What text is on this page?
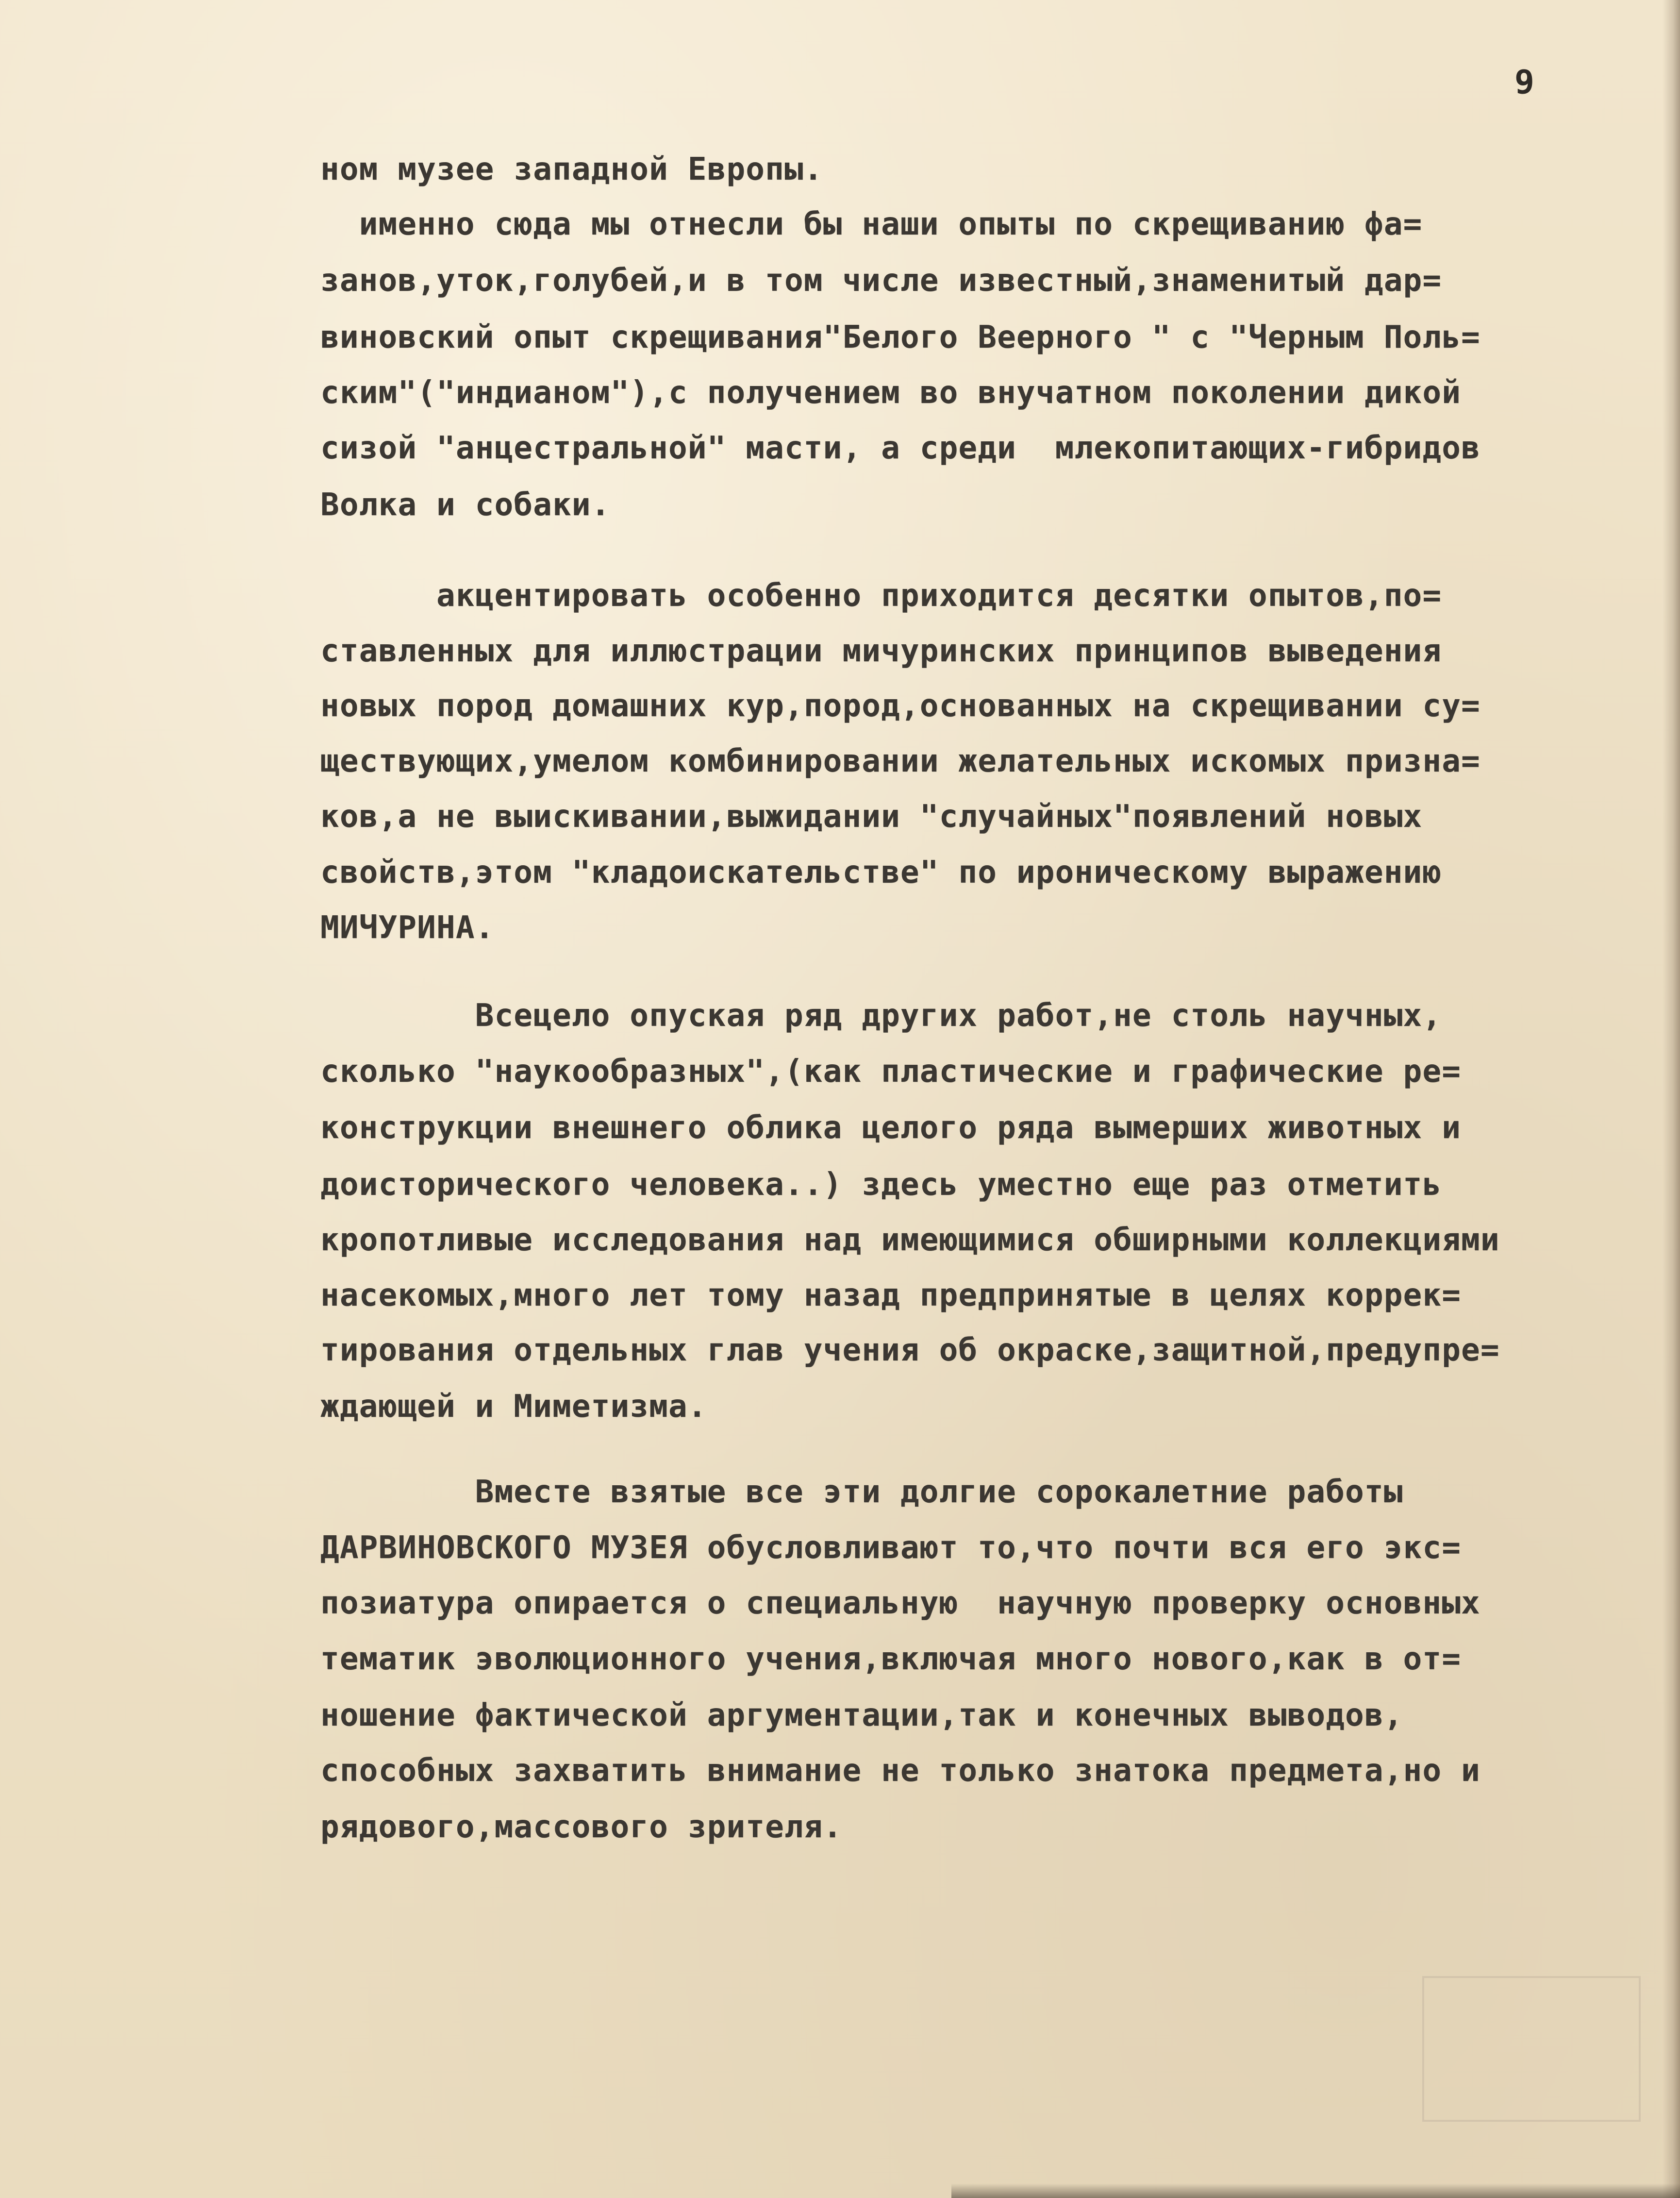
9
ном музее западной Европы.
именно сюда мы отнесли бы наши опыты по скрещиванию фа=
занов,уток,голубей,и в том числе известный,знаменитый дар=
виновский опыт скрещивания"Белого Веерного " с "Черным Поль=
ским"("индианом"),с получением во внучатном поколении дикой
сизой "анцестральной" масти, а среди  млекопитающих-гибридов
Волка и собаки.
акцентировать особенно приходится десятки опытов,по=
ставленных для иллюстрации мичуринских принципов выведения
новых пород домашних кур,пород,основанных на скрещивании су=
ществующих,умелом комбинировании желательных искомых призна=
ков,а не выискивании,выжидании "случайных"появлений новых
свойств,этом "кладоискательстве" по ироническому выражению
МИЧУРИНА.
Всецело опуская ряд других работ,не столь научных,
сколько "наукообразных",(как пластические и графические ре=
конструкции внешнего облика целого ряда вымерших животных и
доисторического человека..) здесь уместно еще раз отметить
кропотливые исследования над имеющимися обширными коллекциями
насекомых,много лет тому назад предпринятые в целях коррек=
тирования отдельных глав учения об окраске,защитной,предупре=
ждающей и Миметизма.
Вместе взятые все эти долгие сорокалетние работы
ДАРВИНОВСКОГО МУЗЕЯ обусловливают то,что почти вся его экс=
позиатура опирается о специальную  научную проверку основных
тематик эволюционного учения,включая много нового,как в от=
ношение фактической аргументации,так и конечных выводов,
способных захватить внимание не только знатока предмета,но и
рядового,массового зрителя.
